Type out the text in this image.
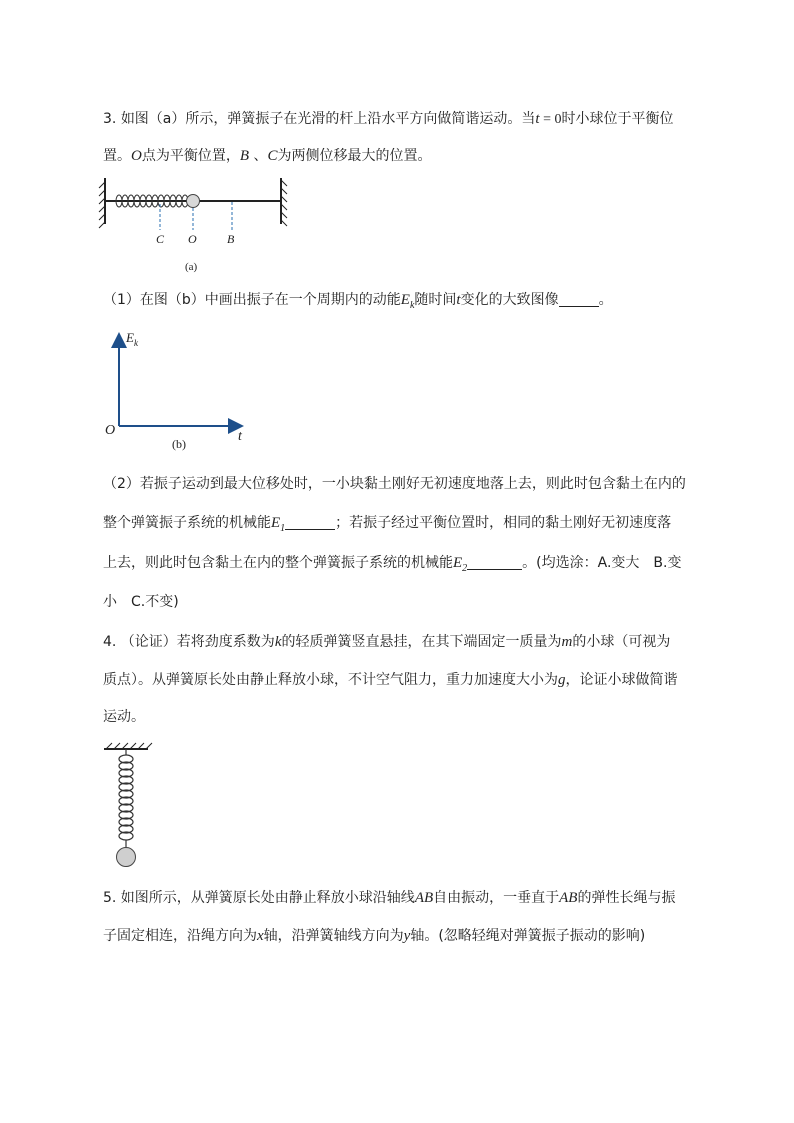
3. 如图（a）所示，弹簧振子在光滑的杆上沿水平方向做简谐运动。当t = 0时小球位于平衡位
置。O点为平衡位置，B 、C为两侧位移最大的位置。
C O	B
(a)
（1）在图（b）中画出振子在一个周期内的动能$E_k$随时间t变化的大致图像	。
$E_k$
O	t
(b)
（2）若振子运动到最大位移处时，一小块黏土刚好无初速度地落上去，则此时包含黏土在内的
整个弹簧振子系统的机械能$E_1$	；若振子经过平衡位置时，相同的黏土刚好无初速度落
上去，则此时包含黏土在内的整个弹簧振子系统的机械能$E_2$	。(均选涂：A.变大　B.变
小　C.不变)
4. （论证）若将劲度系数为k的轻质弹簧竖直悬挂，在其下端固定一质量为m的小球（可视为
质点）。从弹簧原长处由静止释放小球，不计空气阻力，重力加速度大小为g，论证小球做简谐
运动。
5. 如图所示，从弹簧原长处由静止释放小球沿轴线AB自由振动，一垂直于AB的弹性长绳与振
子固定相连，沿绳方向为x轴，沿弹簧轴线方向为y轴。(忽略轻绳对弹簧振子振动的影响)
